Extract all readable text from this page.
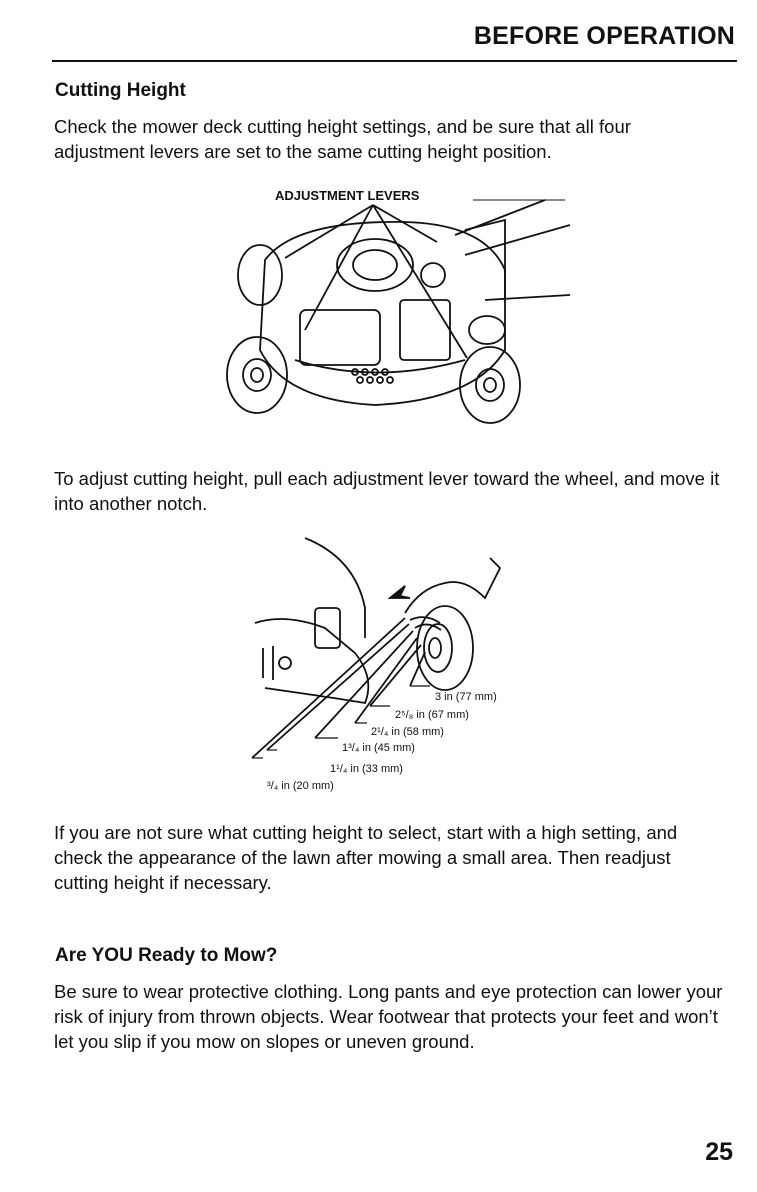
BEFORE OPERATION
Cutting Height

Check the mower deck cutting height settings, and be sure that all four adjustment levers are set to the same cutting height position.

ADJUSTMENT LEVERS

To adjust cutting height, pull each adjustment lever toward the wheel, and move it into another notch.

3 in (77 mm)
2⁵/₈ in (67 mm)
2¹/₄ in (58 mm)
1³/₄ in (45 mm)
1¹/₄ in (33 mm)
³/₄ in (20 mm)

If you are not sure what cutting height to select, start with a high setting, and check the appearance of the lawn after mowing a small area. Then readjust cutting height if necessary.

Are YOU Ready to Mow?

Be sure to wear protective clothing. Long pants and eye protection can lower your risk of injury from thrown objects. Wear footwear that protects your feet and won’t let you slip if you mow on slopes or uneven ground.

25
